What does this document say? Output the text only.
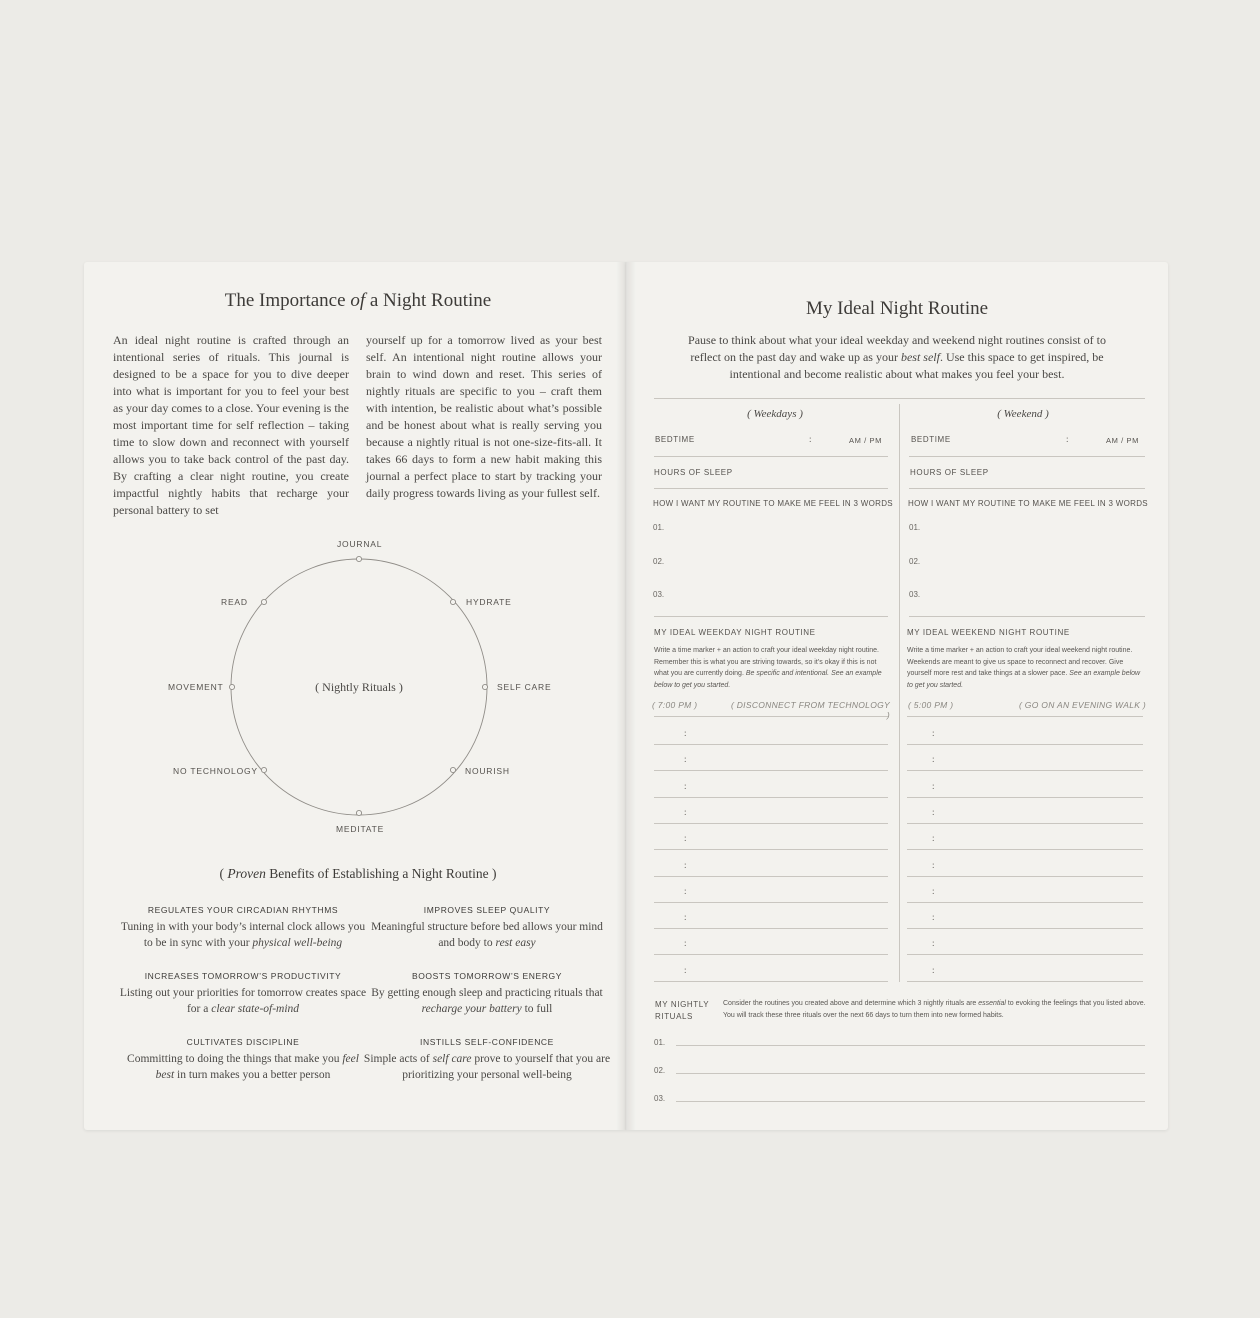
The Importance of a Night Routine
An ideal night routine is crafted through an intentional series of rituals. This journal is designed to be a space for you to dive deeper into what is important for you to feel your best as your day comes to a close. Your evening is the most important time for self reflection – taking time to slow down and reconnect with yourself allows you to take back control of the past day. By crafting a clear night routine, you create impactful nightly habits that recharge your personal battery to set
yourself up for a tomorrow lived as your best self. An intentional night routine allows your brain to wind down and reset. This series of nightly rituals are specific to you – craft them with intention, be realistic about what’s possible and be honest about what is really serving you because a nightly ritual is not one-size-fits-all. It takes 66 days to form a new habit making this journal a perfect place to start by tracking your daily progress towards living as your fullest self.
JOURNAL
HYDRATE
SELF CARE
NOURISH
MEDITATE
NO TECHNOLOGY
MOVEMENT
READ
( Nightly Rituals )
( Proven Benefits of Establishing a Night Routine )
REGULATES YOUR CIRCADIAN RHYTHMS
Tuning in with your body’s internal clock allows you to be in sync with your physical well-being
IMPROVES SLEEP QUALITY
Meaningful structure before bed allows your mind and body to rest easy
INCREASES TOMORROW’S PRODUCTIVITY
Listing out your priorities for tomorrow creates space for a clear state-of-mind
BOOSTS TOMORROW’S ENERGY
By getting enough sleep and practicing rituals that recharge your battery to full
CULTIVATES DISCIPLINE
Committing to doing the things that make you feel best in turn makes you a better person
INSTILLS SELF-CONFIDENCE
Simple acts of self care prove to yourself that you are prioritizing your personal well-being
My Ideal Night Routine
Pause to think about what your ideal weekday and weekend night routines consist of to reflect on the past day and wake up as your best self. Use this space to get inspired, be intentional and become realistic about what makes you feel your best.
( Weekdays )
BEDTIME	:	AM / PM
HOURS OF SLEEP
HOW I WANT MY ROUTINE TO MAKE ME FEEL IN 3 WORDS
01.
02.
03.
MY IDEAL WEEKDAY NIGHT ROUTINE
Write a time marker + an action to craft your ideal weekday night routine. Remember this is what you are striving towards, so it’s okay if this is not what you are currently doing. Be specific and intentional. See an example below to get you started.
( 7:00 PM )	( DISCONNECT FROM TECHNOLOGY )
:
:
:
:
:
:
:
:
:
:
( Weekend )
BEDTIME	:	AM / PM
HOURS OF SLEEP
HOW I WANT MY ROUTINE TO MAKE ME FEEL IN 3 WORDS
01.
02.
03.
MY IDEAL WEEKEND NIGHT ROUTINE
Write a time marker + an action to craft your ideal weekend night routine. Weekends are meant to give us space to reconnect and recover. Give yourself more rest and take things at a slower pace. See an example below to get you started.
( 5:00 PM )	( GO ON AN EVENING WALK )
:
:
:
:
:
:
:
:
:
:
MY NIGHTLY
RITUALS
Consider the routines you created above and determine which 3 nightly rituals are essential to evoking the feelings that you listed above. You will track these three rituals over the next 66 days to turn them into new formed habits.
01.
02.
03.
